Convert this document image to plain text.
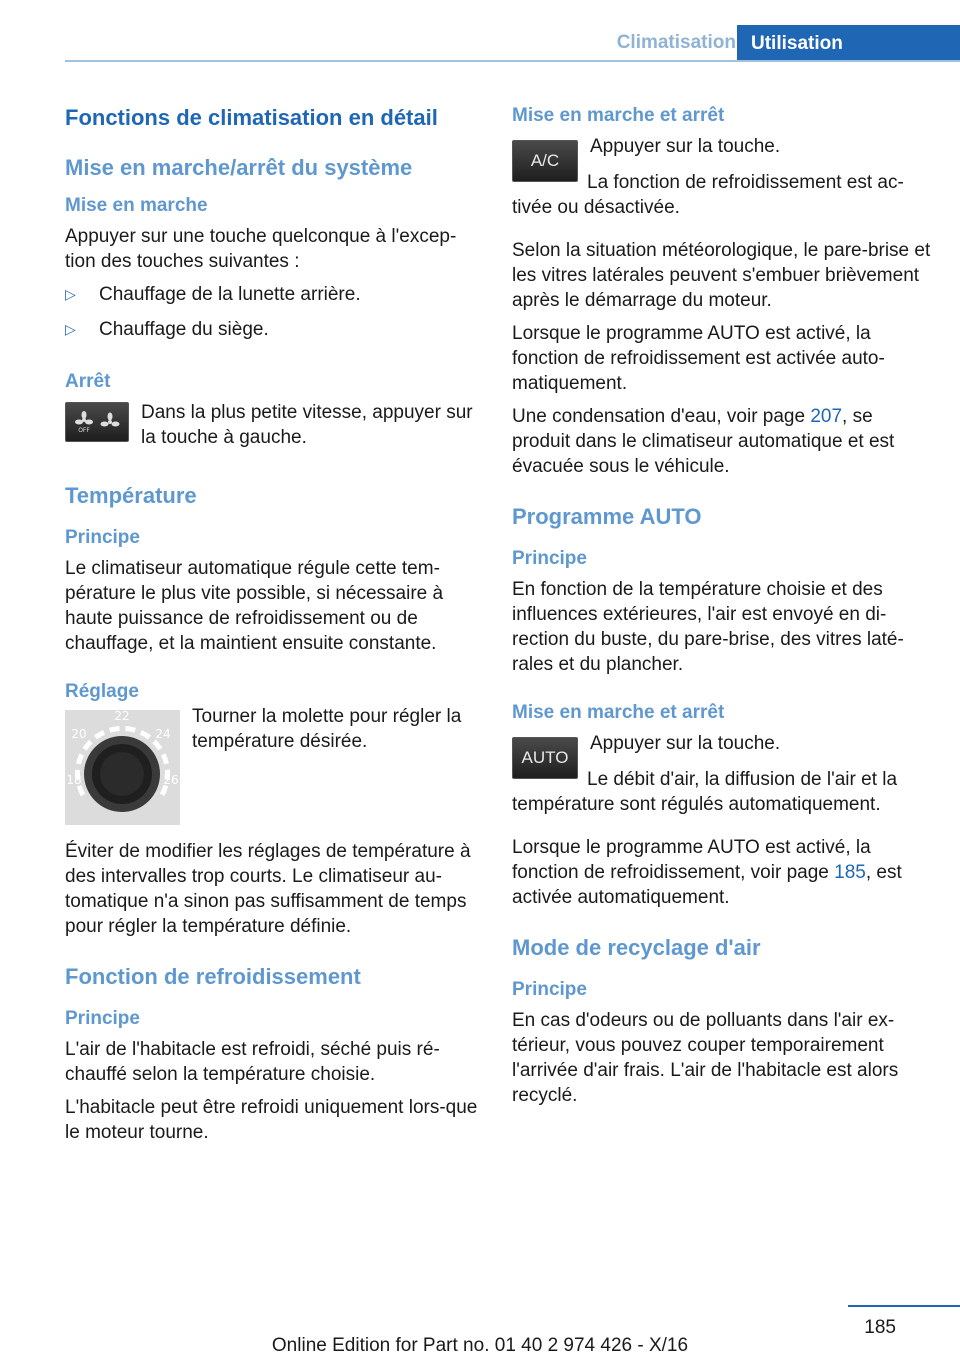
Climatisation Utilisation
Fonctions de climatisation en détail
Mise en marche/arrêt du système
Mise en marche

Appuyer sur une touche quelconque à l'excep-tion des touches suivantes :

▷ Chauffage de la lunette arrière.
▷ Chauffage du siège.
Arrêt
OFF

Dans la plus petite vitesse, appuyer sur la touche à gauche.

Température
Principe

Le climatiseur automatique régule cette tem-pérature le plus vite possible, si nécessaire à haute puissance de refroidissement ou de chauffage, et la maintient ensuite constante.

Réglage
22
20	24
18	26

Tourner la molette pour régler la température désirée.

Éviter de modifier les réglages de température à des intervalles trop courts. Le climatiseur au-tomatique n'a sinon pas suffisamment de temps pour régler la température définie.

Fonction de refroidissement
Principe

L'air de l'habitacle est refroidi, séché puis ré-chauffé selon la température choisie.

L'habitacle peut être refroidi uniquement lors-que le moteur tourne.

Mise en marche et arrêt
A/C

Appuyer sur la touche.

La fonction de refroidissement est ac-tivée ou désactivée.

Selon la situation météorologique, le pare-brise et les vitres latérales peuvent s'embuer brièvement après le démarrage du moteur.

Lorsque le programme AUTO est activé, la fonction de refroidissement est activée auto-matiquement.

Une condensation d'eau, voir page 207, se produit dans le climatiseur automatique et est évacuée sous le véhicule.

Programme AUTO
Principe

En fonction de la température choisie et des influences extérieures, l'air est envoyé en di-rection du buste, du pare-brise, des vitres laté-rales et du plancher.

Mise en marche et arrêt
AUTO

Appuyer sur la touche.

Le débit d'air, la diffusion de l'air et la température sont régulés automatiquement.

Lorsque le programme AUTO est activé, la fonction de refroidissement, voir page 185, est activée automatiquement.

Mode de recyclage d'air
Principe

En cas d'odeurs ou de polluants dans l'air ex-térieur, vous pouvez couper temporairement l'arrivée d'air frais. L'air de l'habitacle est alors recyclé.

185
Online Edition for Part no. 01 40 2 974 426 - X/16
